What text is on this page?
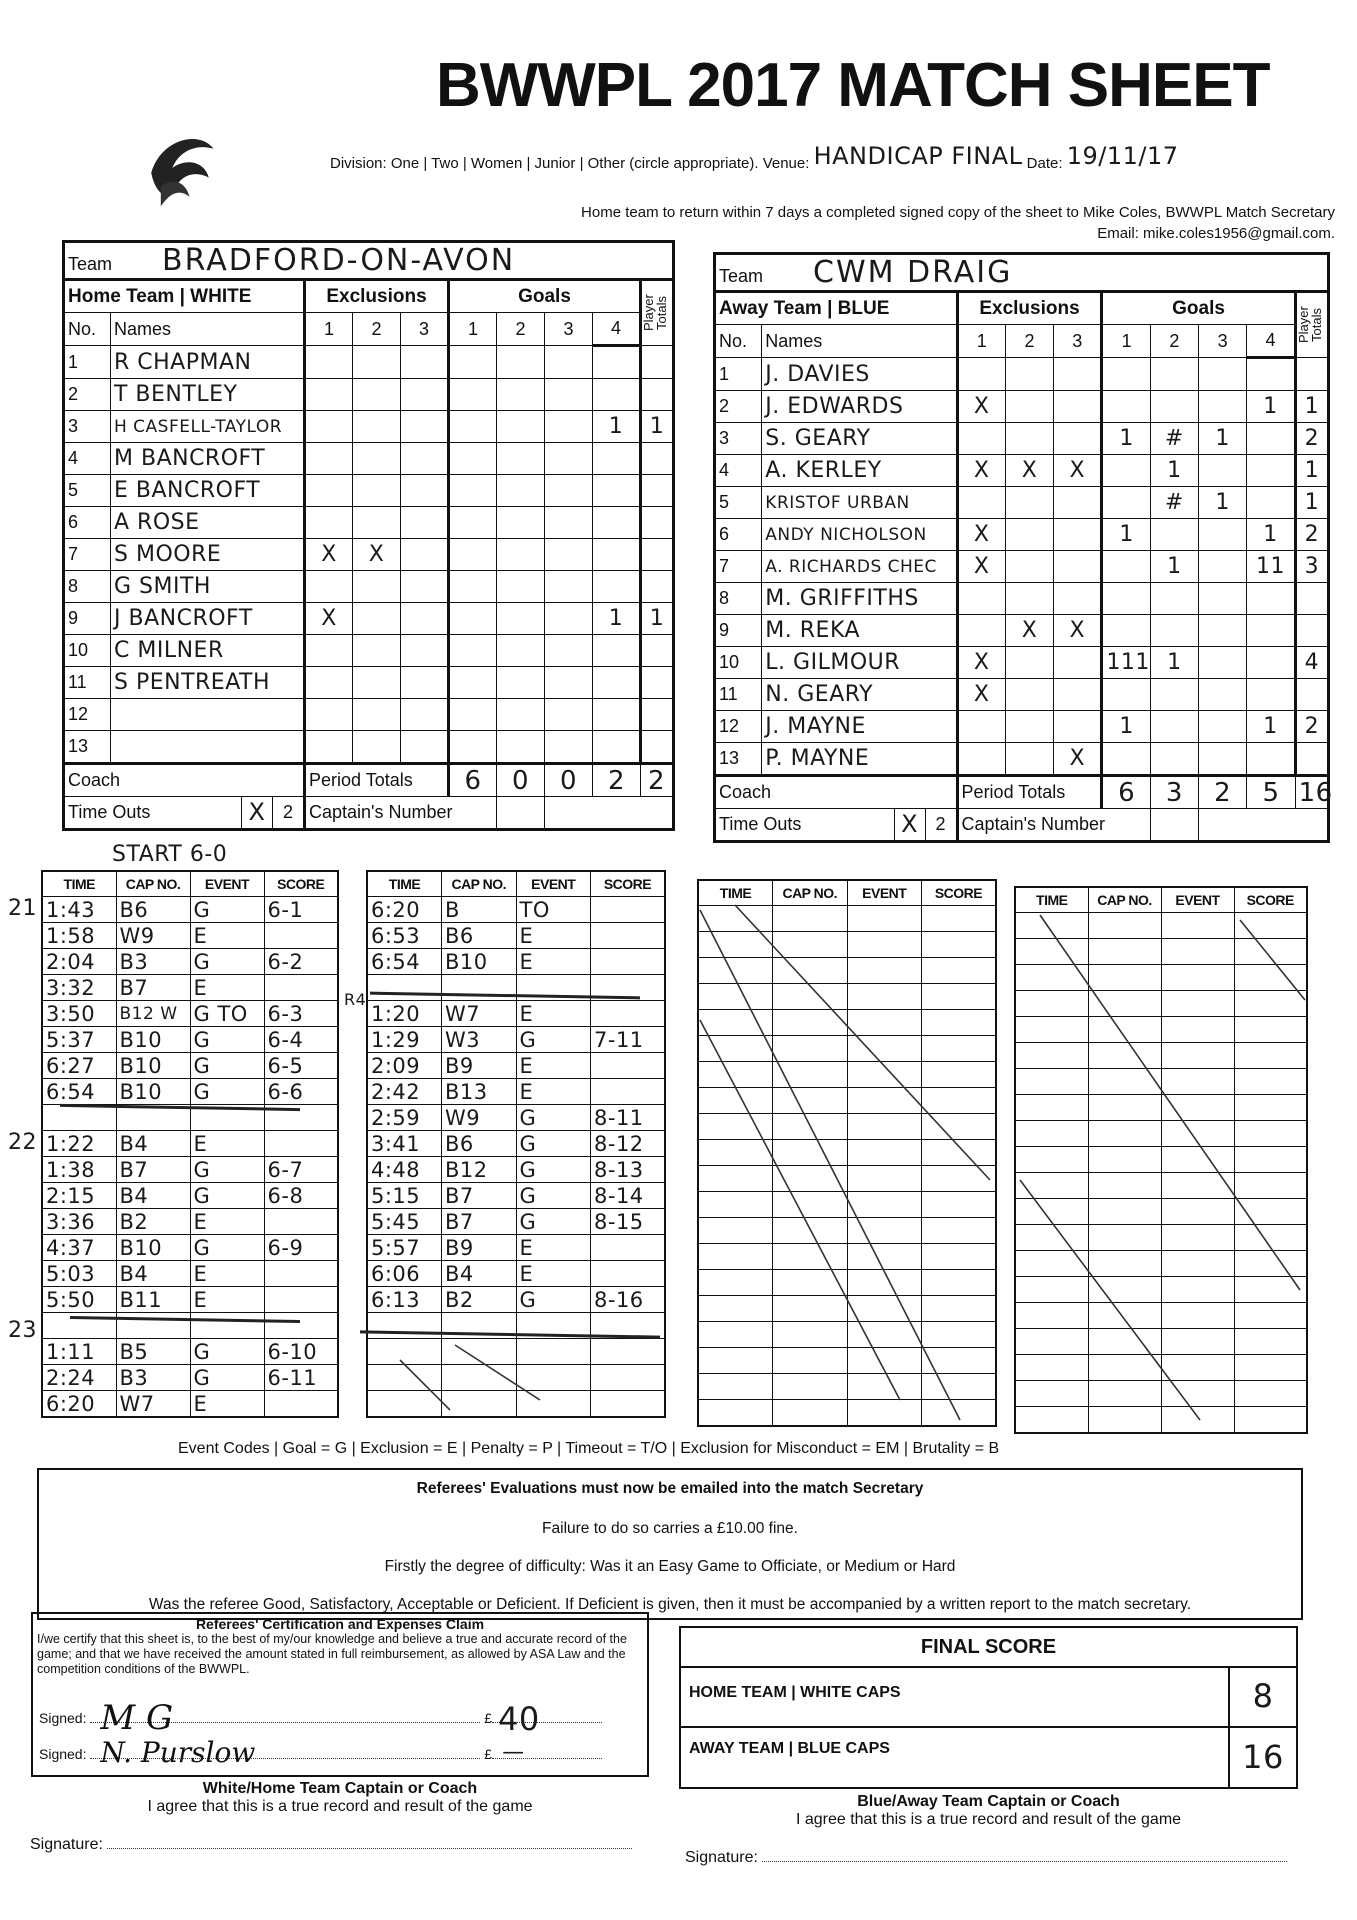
BWWPL 2017 MATCH SHEET
Division: One | Two | Women | Junior | Other (circle appropriate). Venue: HANDICAP FINAL Date: 19/11/17
Home team to return within 7 days a completed signed copy of the sheet to Mike Coles, BWWPL Match Secretary
Email: mike.coles1956@gmail.com.
Team BRADFORD-ON-AVON									
Home Team | WHITE		Exclusions			Goals				Player Totals

No.	Names	1	2	3	1	2	3	4	
1	R CHAPMAN								
2	T BENTLEY								
3	H CASFELL-TAYLOR							1	1
4	M BANCROFT								
5	E BANCROFT								
6	A ROSE								
7	S MOORE	X	X						
8	G SMITH								
9	J BANCROFT	X						1	1
10	C MILNER								
11	S PENTREATH								
12									
13									
Coach		Period Totals			6	0	0	2	2

Time Outs X 2		Captain's Number							
Team CWM DRAIG									
Away Team | BLUE		Exclusions			Goals				Player Totals

No.	Names	1	2	3	1	2	3	4	
1	J. DAVIES								
2	J. EDWARDS	X						1	1
3	S. GEARY				1	#	1		2
4	A. KERLEY	X	X	X		1			1
5	KRISTOF URBAN					#	1		1
6	ANDY NICHOLSON	X			1			1	2
7	A. RICHARDS CHEC	X				1		11	3
8	M. GRIFFITHS								
9	M. REKA		X	X					
10	L. GILMOUR	X			111	1			4
11	N. GEARY	X							
12	J. MAYNE				1			1	2
13	P. MAYNE			X					
Coach		Period Totals			6	3	2	5	16

Time Outs X 2		Captain's Number							
START 6-0
21
22
23
R4
TIME	CAP NO.	EVENT	SCORE
1:43	B6	G	6-1
1:58	W9	E	
2:04	B3	G	6-2
3:32	B7	E	
3:50	B12 W	G TO	6-3
5:37	B10	G	6-4
6:27	B10	G	6-5
6:54	B10	G	6-6

1:22	B4	E	
1:38	B7	G	6-7
2:15	B4	G	6-8
3:36	B2	E	
4:37	B10	G	6-9
5:03	B4	E	
5:50	B11	E	

1:11	B5	G	6-10
2:24	B3	G	6-11
6:20	W7	E	
TIME	CAP NO.	EVENT	SCORE
6:20	B	TO	
6:53	B6	E	
6:54	B10	E	

1:20	W7	E	
1:29	W3	G	7-11
2:09	B9	E	
2:42	B13	E	
2:59	W9	G	8-11
3:41	B6	G	8-12
4:48	B12	G	8-13
5:15	B7	G	8-14
5:45	B7	G	8-15
5:57	B9	E	
6:06	B4	E	
6:13	B2	G	8-16

TIME	CAP NO.	EVENT	SCORE

				TIME	CAP NO.	EVENT	SCORE

Event Codes | Goal = G | Exclusion = E | Penalty = P | Timeout = T/O | Exclusion for Misconduct = EM | Brutality = B
Referees' Evaluations must now be emailed into the match Secretary
Failure to do so carries a £10.00 fine.
Firstly the degree of difficulty: Was it an Easy Game to Officiate, or Medium or Hard
Was the referee Good, Satisfactory, Acceptable or Deficient. If Deficient is given, then it must be accompanied by a written report to the match secretary.
Referees' Certification and Expenses Claim
I/we certify that this sheet is, to the best of my/our knowledge and believe a true and accurate record of the game; and that we have received the amount stated in full reimbursement, as allowed by ASA Law and the competition conditions of the BWWPL.
Signed: M G	£ 40
Signed: N. Purslow	£ —
FINAL SCORE
HOME TEAM | WHITE CAPS	8
AWAY TEAM | BLUE CAPS	16
White/Home Team Captain or Coach
I agree that this is a true record and result of the game
Signature:
Blue/Away Team Captain or Coach
I agree that this is a true record and result of the game
Signature:
